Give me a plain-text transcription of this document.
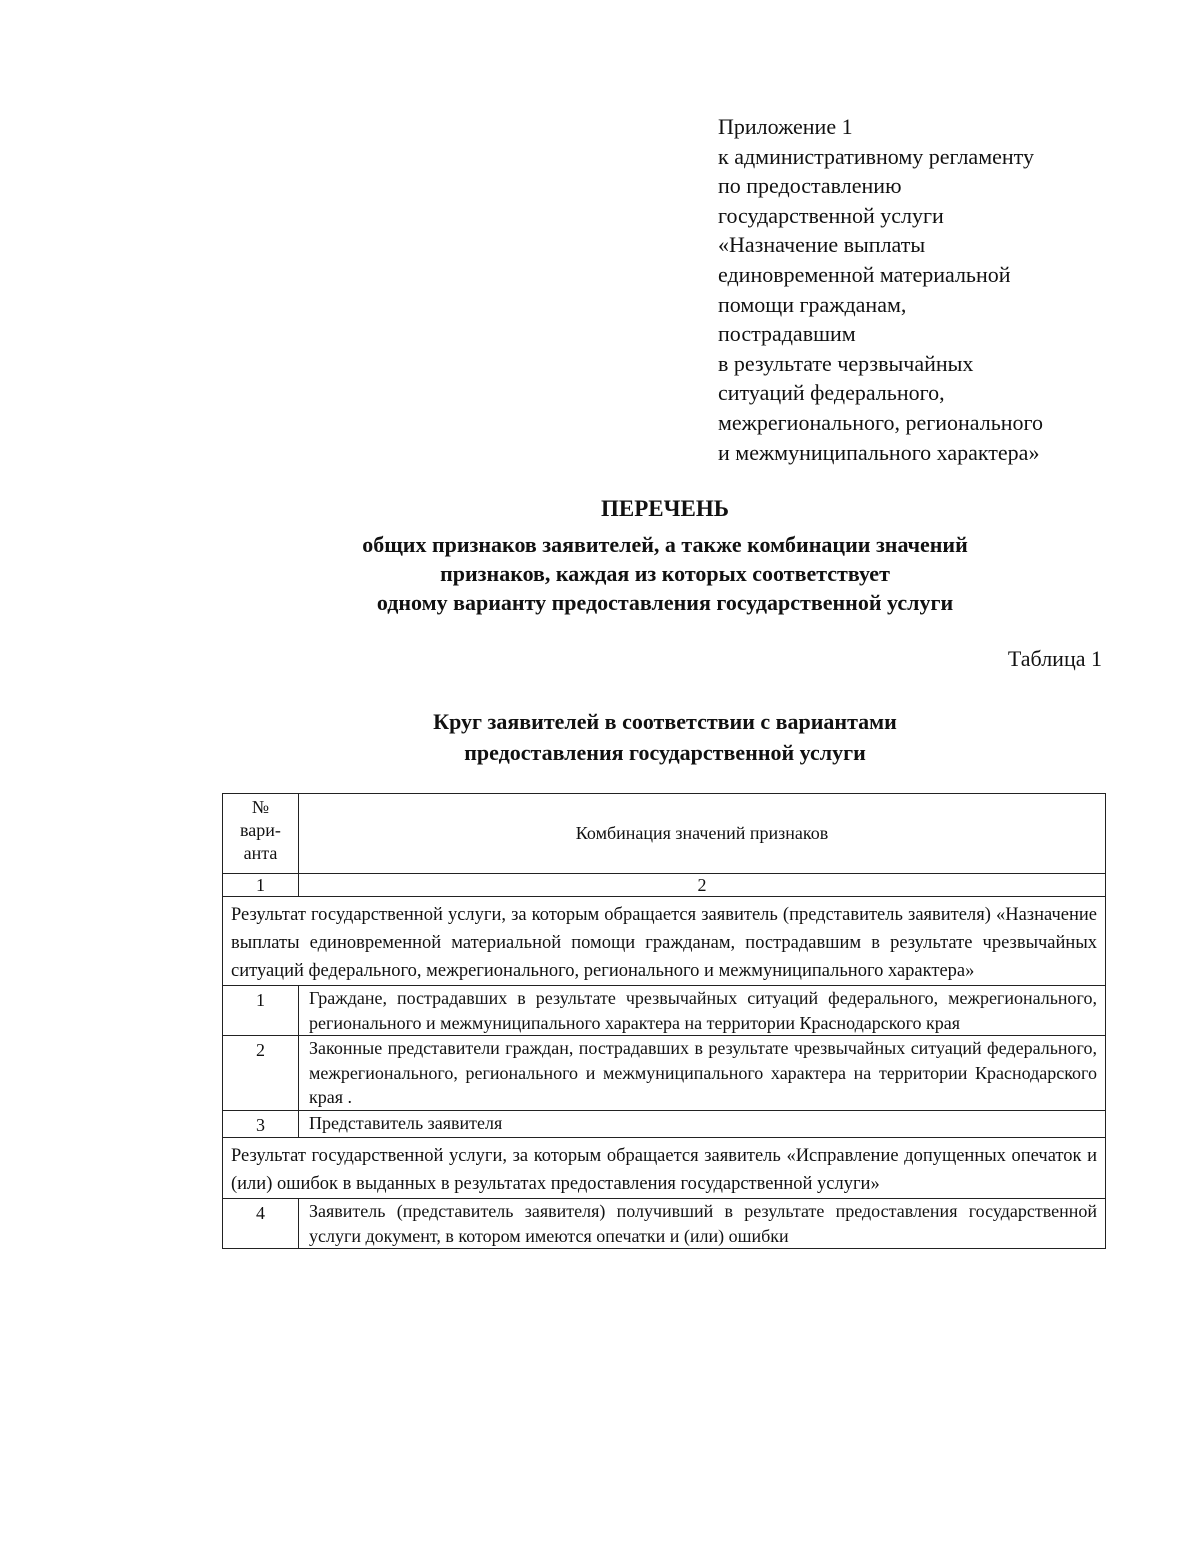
Приложение 1
к административному регламенту
по предоставлению
государственной услуги
«Назначение выплаты
единовременной материальной
помощи гражданам,
пострадавшим
в результате черзвычайных
ситуаций федерального,
межрегионального, регионального
и межмуниципального характера»
ПЕРЕЧЕНЬ
общих признаков заявителей, а также комбинации значений
признаков, каждая из которых соответствует
одному варианту предоставления государственной услуги
Таблица 1
Круг заявителей в соответствии с вариантами
предоставления государственной услуги
№
вари-
анта	Комбинация значений признаков
1	2
Результат государственной услуги, за которым обращается заявитель (представитель заявителя) «Назначение выплаты единовременной материальной помощи гражданам, пострадавшим в результате чрезвычайных ситуаций федерального, межрегионального, регионального и межмуниципального характера»	
1	Граждане, пострадавших в результате чрезвычайных ситуаций федерального, межрегионального, регионального и межмуниципального характера на территории Краснодарского края
2	Законные представители граждан, пострадавших в результате чрезвычайных ситуаций федерального, межрегионального, регионального и межмуниципального характера на территории Краснодарского края .
3	Представитель заявителя
Результат государственной услуги, за которым обращается заявитель «Исправление допущенных опечаток и (или) ошибок в выданных в результатах предоставления государственной услуги»	
4	Заявитель (представитель заявителя) получивший в результате предоставления государственной услуги документ, в котором имеются опечатки и (или) ошибки
